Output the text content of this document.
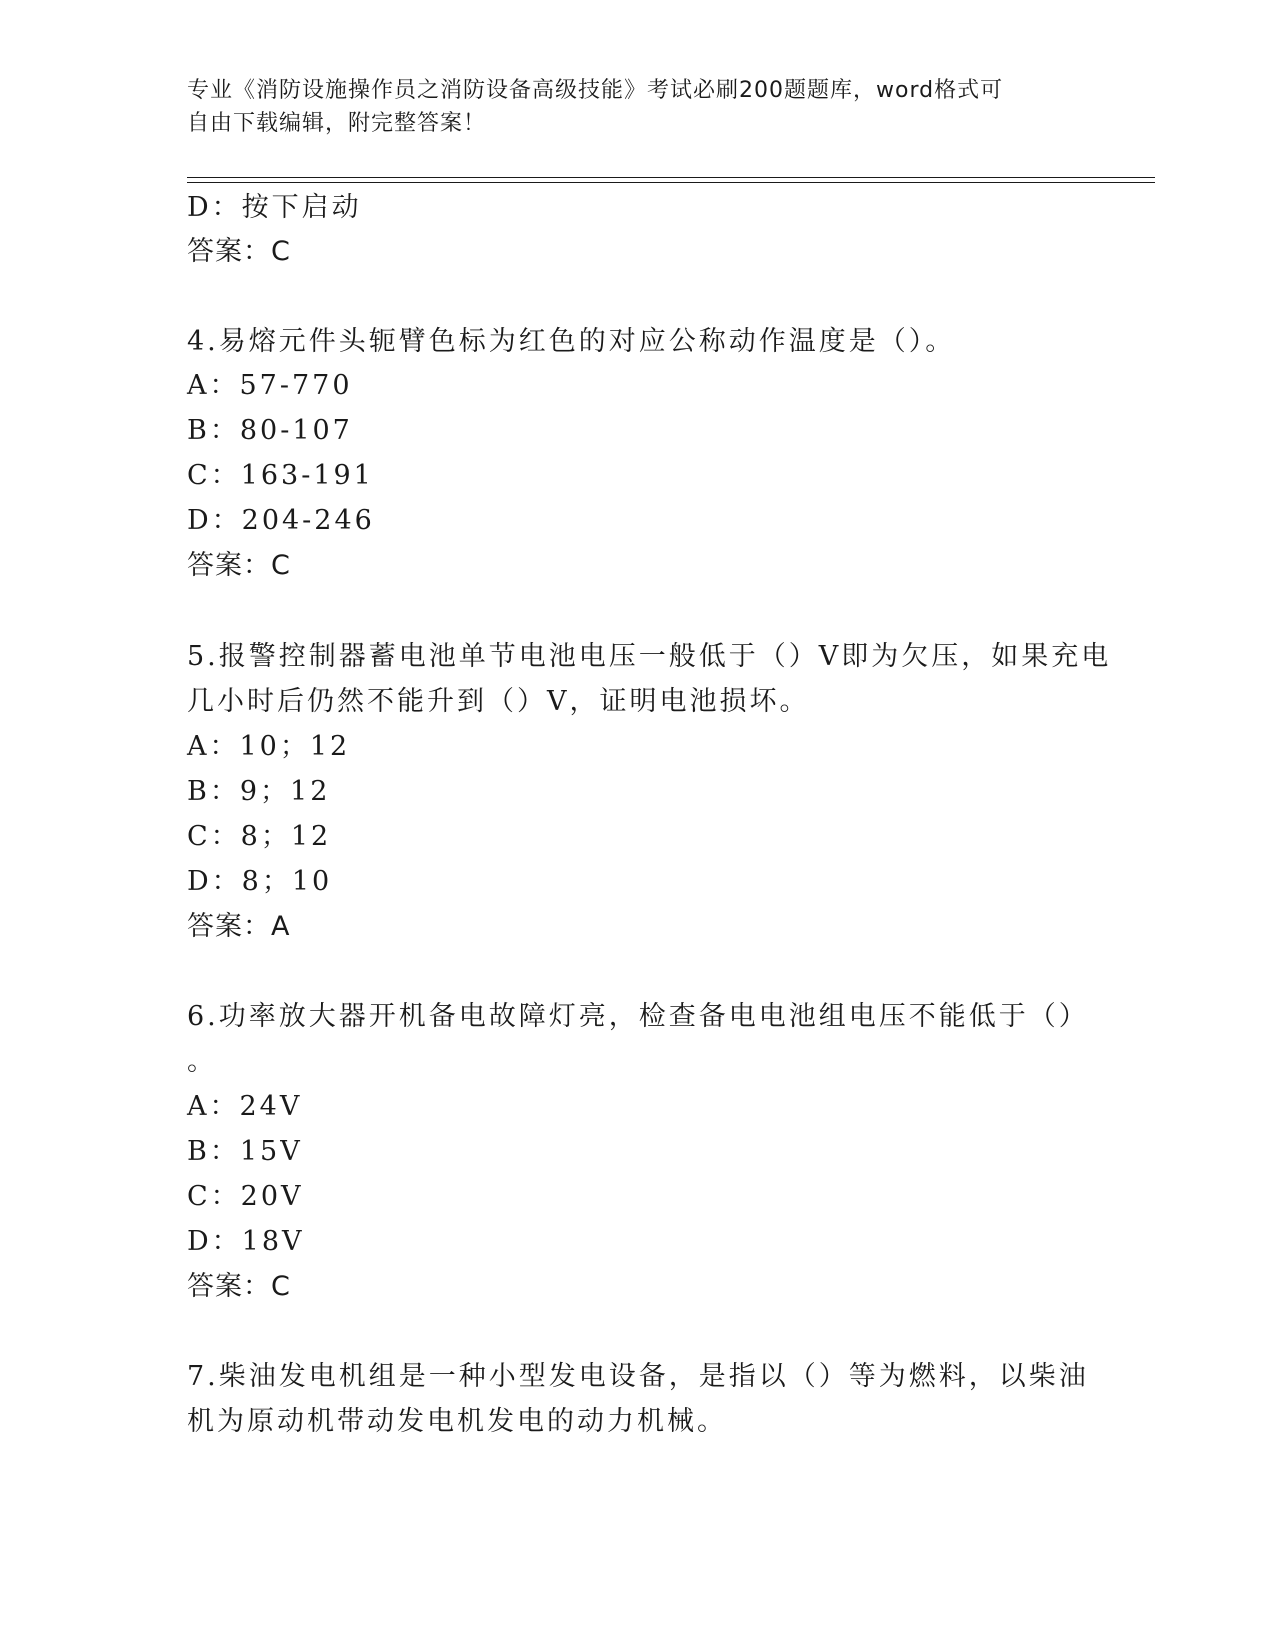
专业《消防设施操作员之消防设备高级技能》考试必刷200题题库，word格式可
自由下载编辑，附完整答案！
D：按下启动
答案：C
4.易熔元件头轭臂色标为红色的对应公称动作温度是（）。
A：57-770
B：80-107
C：163-191
D：204-246
答案：C
5.报警控制器蓄电池单节电池电压一般低于（）V即为欠压，如果充电
几小时后仍然不能升到（）V，证明电池损坏。
A：10；12
B：9；12
C：8；12
D：8；10
答案：A
6.功率放大器开机备电故障灯亮，检查备电电池组电压不能低于（）
。
A：24V
B：15V
C：20V
D：18V
答案：C
7.柴油发电机组是一种小型发电设备，是指以（）等为燃料，以柴油
机为原动机带动发电机发电的动力机械。
